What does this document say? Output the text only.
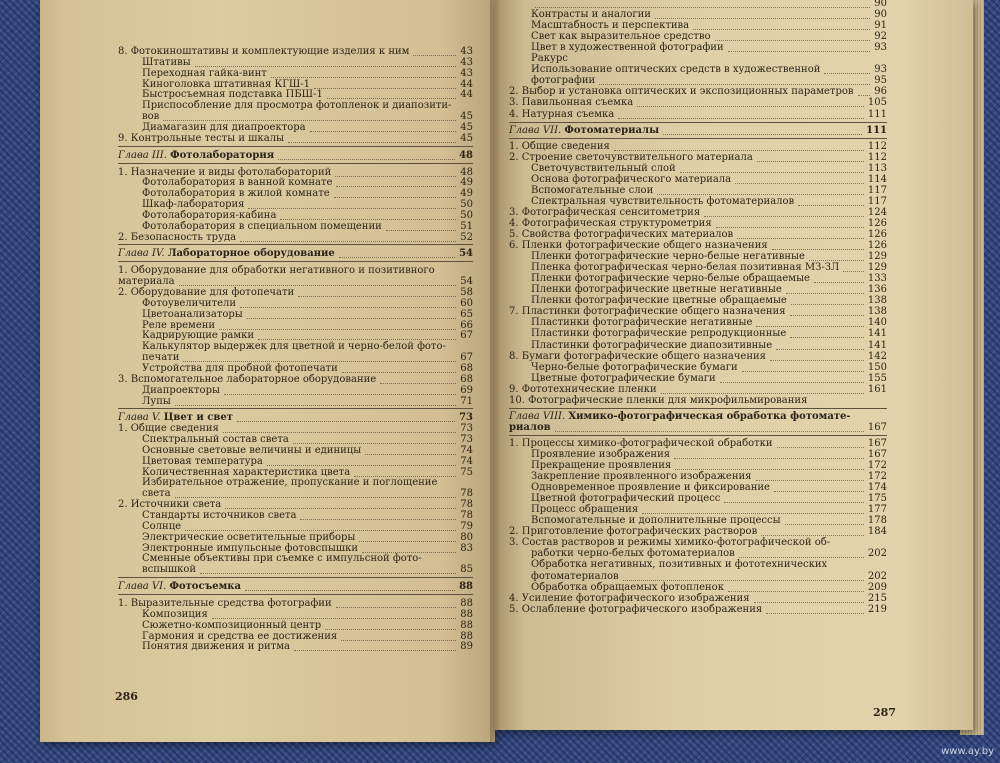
8. Фотокиноштативы и комплектующие изделия к ним	43
Штативы	43
Переходная гайка-винт	43
Киноголовка штативная КГШ-1	44
Быстросъемная подставка ПБШ-1	44
Приспособление для просмотра фотопленок и диапозити-
вов	45
Диамагазин для диапроектора	45
9. Контрольные тесты и шкалы	45
Глава III. Фотолаборатория	48
1. Назначение и виды фотолабораторий	48
Фотолаборатория в ванной комнате	49
Фотолаборатория в жилой комнате	49
Шкаф-лаборатория	50
Фотолаборатория-кабина	50
Фотолаборатория в специальном помещении	51
2. Безопасность труда	52
Глава IV. Лабораторное оборудование	54
1. Оборудование для обработки негативного и позитивного
материала	54
2. Оборудование для фотопечати	58
Фотоувеличители	60
Цветоанализаторы	65
Реле времени	66
Кадрирующие рамки	67
Калькулятор выдержек для цветной и черно-белой фото-
печати	67
Устройства для пробной фотопечати	68
3. Вспомогательное лабораторное оборудование	68
Диапроекторы	69
Лупы	71
Глава V. Цвет и свет	73
1. Общие сведения	73
Спектральный состав света	73
Основные световые величины и единицы	74
Цветовая температура	74
Количественная характеристика цвета	75
Избирательное отражение, пропускание и поглощение
света	78
2. Источники света	78
Стандарты источников света	78
Солнце	79
Электрические осветительные приборы	80
Электронные импульсные фотовспышки	83
Сменные объективы при съемке с импульсной фото-
вспышкой	85
Глава VI. Фотосъемка	88
1. Выразительные средства фотографии	88
Композиция	88
Сюжетно-композиционный центр	88
Гармония и средства ее достижения	88
Понятия движения и ритма	89
286
90
Контрасты и аналогии	90
Масштабность и перспектива	91
Свет как выразительное средство	92
Цвет в художественной фотографии	93
Ракурс
Использование оптических средств в художественной	93
фотографии	95
2. Выбор и установка оптических и экспозиционных параметров 96
3. Павильонная съемка	105
4. Натурная съемка	111
Глава VII. Фотоматериалы	111
1. Общие сведения	112
2. Строение светочувствительного материала	112
Светочувствительный слой	113
Основа фотографического материала	114
Вспомогательные слои	117
Спектральная чувствительность фотоматериалов	117
3. Фотографическая сенситометрия	124
4. Фотографическая структурометрия	126
5. Свойства фотографических материалов	126
6. Пленки фотографические общего назначения	126
Пленки фотографические черно-белые негативные	129
Пленка фотографическая черно-белая позитивная МЗ-ЗЛ	129
Пленки фотографические черно-белые обращаемые	133
Пленки фотографические цветные негативные	136
Пленки фотографические цветные обращаемые	138
7. Пластинки фотографические общего назначения	138
Пластинки фотографические негативные	140
Пластинки фотографические репродукционные	141
Пластинки фотографические диапозитивные	141
8. Бумаги фотографические общего назначения	142
Черно-белые фотографические бумаги	150
Цветные фотографические бумаги	155
9. Фототехнические пленки	161
10. Фотографические пленки для микрофильмирования
Глава VIII. Химико-фотографическая обработка фотомате-
риалов	167
1. Процессы химико-фотографической обработки	167
Проявление изображения	167
Прекращение проявления	172
Закрепление проявленного изображения	172
Одновременное проявление и фиксирование	174
Цветной фотографический процесс	175
Процесс обращения	177
Вспомогательные и дополнительные процессы	178
2. Приготовление фотографических растворов	184
3. Состав растворов и режимы химико-фотографической об-
работки черно-белых фотоматериалов	202
Обработка негативных, позитивных и фототехнических
фотоматериалов	202
Обработка обращаемых фотопленок	209
4. Усиление фотографического изображения	215
5. Ослабление фотографического изображения	219
287
www.ay.by
